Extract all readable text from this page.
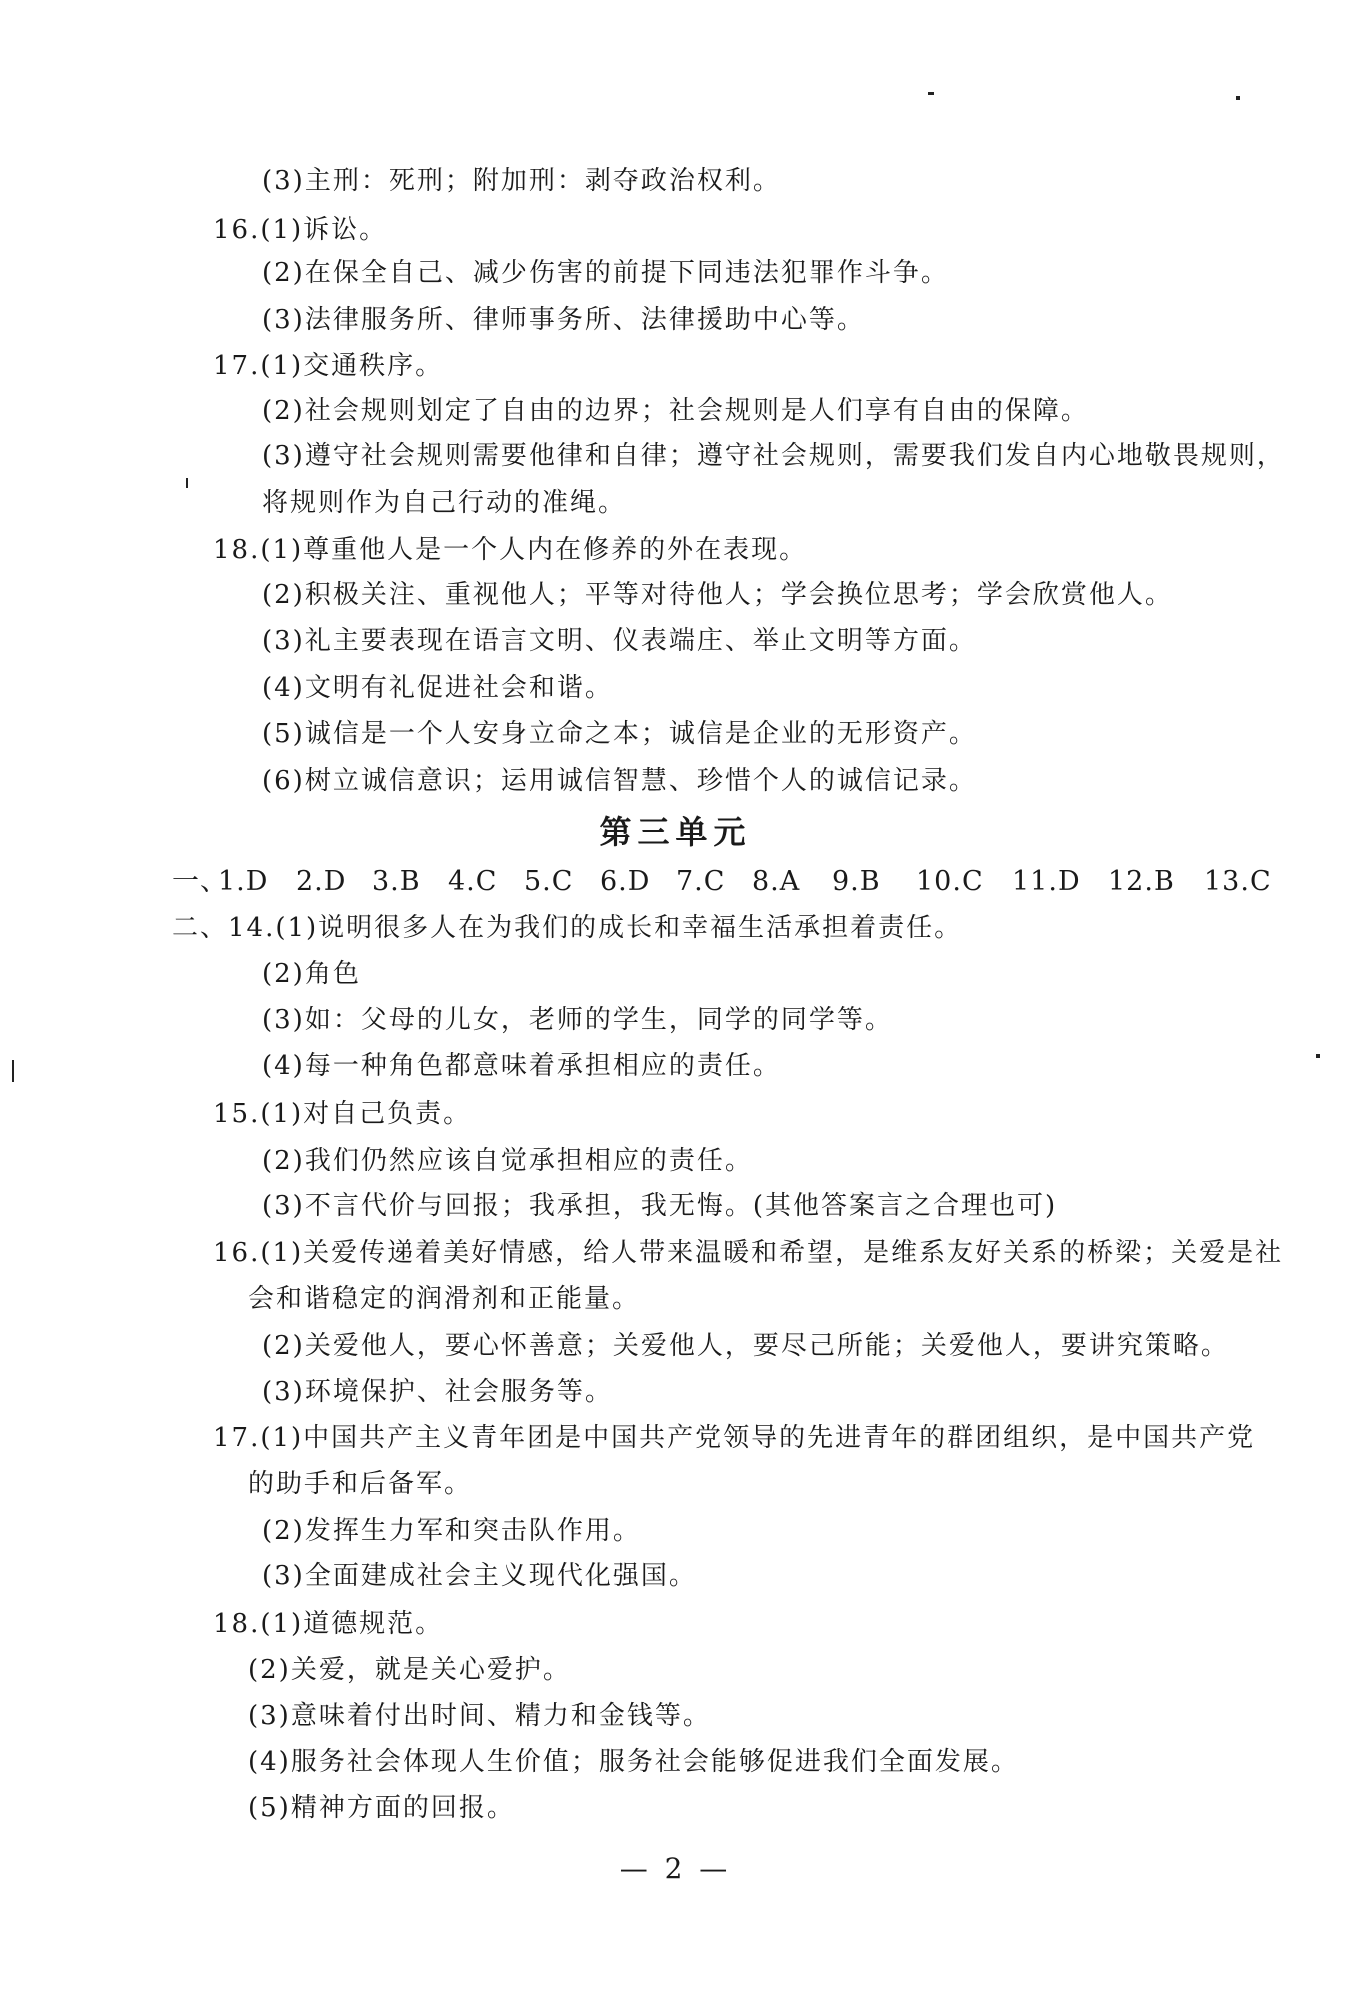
(3)主刑：死刑；附加刑：剥夺政治权利。
16.(1)诉讼。
(2)在保全自己、减少伤害的前提下同违法犯罪作斗争。
(3)法律服务所、律师事务所、法律援助中心等。
17.(1)交通秩序。
(2)社会规则划定了自由的边界；社会规则是人们享有自由的保障。
(3)遵守社会规则需要他律和自律；遵守社会规则，需要我们发自内心地敬畏规则，
将规则作为自己行动的准绳。
18.(1)尊重他人是一个人内在修养的外在表现。
(2)积极关注、重视他人；平等对待他人；学会换位思考；学会欣赏他人。
(3)礼主要表现在语言文明、仪表端庄、举止文明等方面。
(4)文明有礼促进社会和谐。
(5)诚信是一个人安身立命之本；诚信是企业的无形资产。
(6)树立诚信意识；运用诚信智慧、珍惜个人的诚信记录。
第三单元
一、
1.D 2.D 3.B 4.C 5.C 6.D 7.C 8.A 9.B 10.C 11.D 12.B 13.C
二、14.(1)说明很多人在为我们的成长和幸福生活承担着责任。
(2)角色
(3)如：父母的儿女，老师的学生，同学的同学等。
(4)每一种角色都意味着承担相应的责任。
15.(1)对自己负责。
(2)我们仍然应该自觉承担相应的责任。
(3)不言代价与回报；我承担，我无悔。(其他答案言之合理也可)
16.(1)关爱传递着美好情感，给人带来温暖和希望，是维系友好关系的桥梁；关爱是社
会和谐稳定的润滑剂和正能量。
(2)关爱他人，要心怀善意；关爱他人，要尽己所能；关爱他人，要讲究策略。
(3)环境保护、社会服务等。
17.(1)中国共产主义青年团是中国共产党领导的先进青年的群团组织，是中国共产党
的助手和后备军。
(2)发挥生力军和突击队作用。
(3)全面建成社会主义现代化强国。
18.(1)道德规范。
(2)关爱，就是关心爱护。
(3)意味着付出时间、精力和金钱等。
(4)服务社会体现人生价值；服务社会能够促进我们全面发展。
(5)精神方面的回报。
— 2 —
